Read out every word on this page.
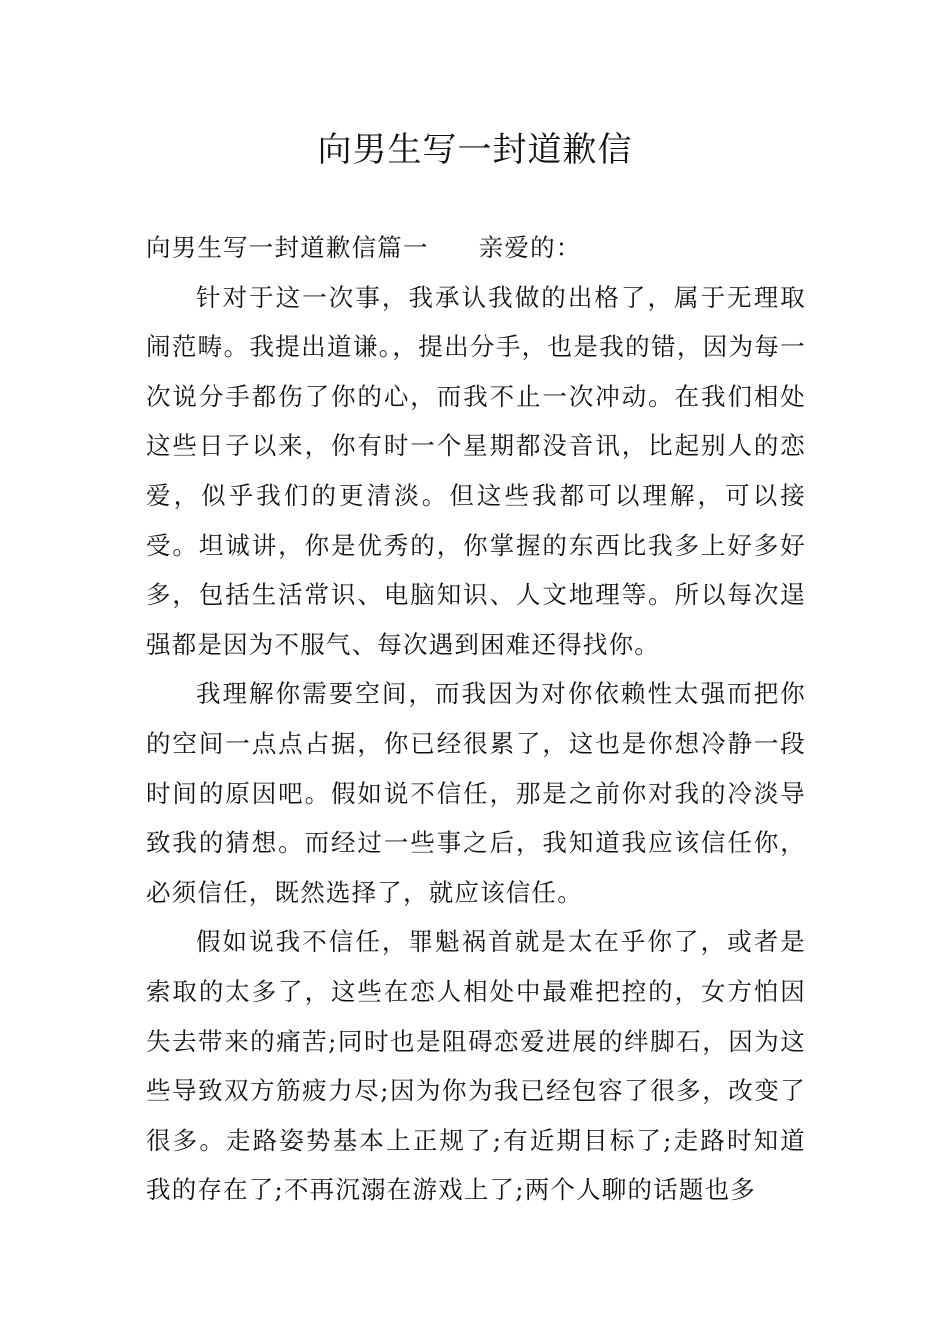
向男生写一封道歉信

向男生写一封道歉信篇一 亲爱的：

针对于这一次事，我承认我做的出格了，属于无理取闹范畴。我提出道谦。，提出分手，也是我的错，因为每一次说分手都伤了你的心，而我不止一次冲动。在我们相处这些日子以来，你有时一个星期都没音讯，比起别人的恋爱，似乎我们的更清淡。但这些我都可以理解，可以接受。坦诚讲，你是优秀的，你掌握的东西比我多上好多好多，包括生活常识、电脑知识、人文地理等。所以每次逞强都是因为不服气、每次遇到困难还得找你。

我理解你需要空间，而我因为对你依赖性太强而把你的空间一点点占据，你已经很累了，这也是你想冷静一段时间的原因吧。假如说不信任，那是之前你对我的冷淡导致我的猜想。而经过一些事之后，我知道我应该信任你，必须信任，既然选择了，就应该信任。

假如说我不信任，罪魁祸首就是太在乎你了，或者是索取的太多了，这些在恋人相处中最难把控的，女方怕因失去带来的痛苦;同时也是阻碍恋爱进展的绊脚石，因为这些导致双方筋疲力尽;因为你为我已经包容了很多，改变了很多。走路姿势基本上正规了;有近期目标了;走路时知道我的存在了;不再沉溺在游戏上了;两个人聊的话题也多
